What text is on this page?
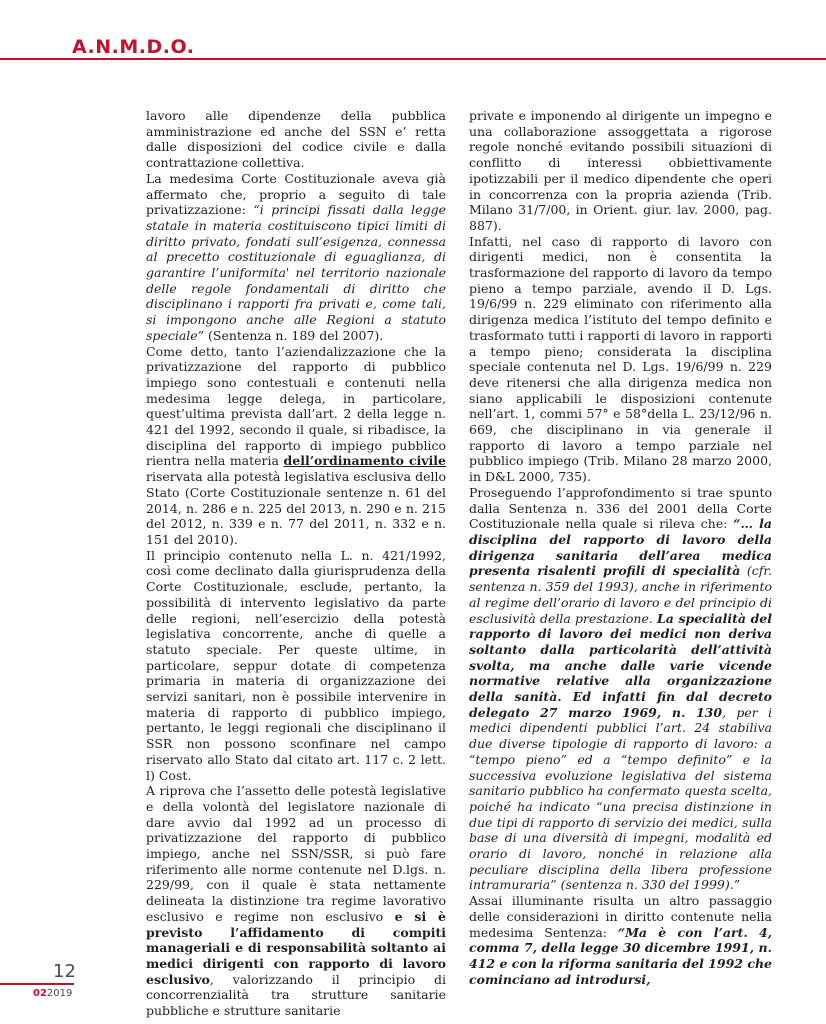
A.N.M.D.O.

lavoro alle dipendenze della pubblica amministrazione ed anche del SSN e’ retta dalle disposizioni del codice civile e dalla contrattazione collettiva.

La medesima Corte Costituzionale aveva già affermato che, proprio a seguito di tale privatizzazione: “i principi fissati dalla legge statale in materia costituiscono tipici limiti di diritto privato, fondati sull’esigenza, connessa al precetto costituzionale di eguaglianza, di garantire l’uniformita' nel territorio nazionale delle regole fondamentali di diritto che disciplinano i rapporti fra privati e, come tali, si impongono anche alle Regioni a statuto speciale” (Sentenza n. 189 del 2007).

Come detto, tanto l’aziendalizzazione che la privatizzazione del rapporto di pubblico impiego sono contestuali e contenuti nella medesima legge delega, in particolare, quest’ultima prevista dall’art. 2 della legge n. 421 del 1992, secondo il quale, si ribadisce, la disciplina del rapporto di impiego pubblico rientra nella materia dell’ordinamento civile riservata alla potestà legislativa esclusiva dello Stato (Corte Costituzionale sentenze n. 61 del 2014, n. 286 e n. 225 del 2013, n. 290 e n. 215 del 2012, n. 339 e n. 77 del 2011, n. 332 e n. 151 del 2010).

Il principio contenuto nella L. n. 421/1992, così come declinato dalla giurisprudenza della Corte Costituzionale, esclude, pertanto, la possibilità di intervento legislativo da parte delle regioni, nell’esercizio della potestà legislativa concorrente, anche di quelle a statuto speciale. Per queste ultime, in particolare, seppur dotate di competenza primaria in materia di organizzazione dei servizi sanitari, non è possibile intervenire in materia di rapporto di pubblico impiego, pertanto, le leggi regionali che disciplinano il SSR non possono sconfinare nel campo riservato allo Stato dal citato art. 117 c. 2 lett. l) Cost.

A riprova che l’assetto delle potestà legislative e della volontà del legislatore nazionale di dare avvio dal 1992 ad un processo di privatizzazione del rapporto di pubblico impiego, anche nel SSN/SSR, si può fare riferimento alle norme contenute nel D.lgs. n. 229/99, con il quale è stata nettamente delineata la distinzione tra regime lavorativo esclusivo e regime non esclusivo e si è previsto l’affidamento di compiti manageriali e di responsabilità soltanto ai medici dirigenti con rapporto di lavoro esclusivo, valorizzando il principio di concorrenzialità tra strutture sanitarie pubbliche e strutture sanitarie

private e imponendo al dirigente un impegno e una collaborazione assoggettata a rigorose regole nonché evitando possibili situazioni di conflitto di interessi obbiettivamente ipotizzabili per il medico dipendente che operi in concorrenza con la propria azienda (Trib. Milano 31/7/00, in Orient. giur. lav. 2000, pag. 887).

Infatti, nel caso di rapporto di lavoro con dirigenti medici, non è consentita la trasformazione del rapporto di lavoro da tempo pieno a tempo parziale, avendo il D. Lgs. 19/6/99 n. 229 eliminato con riferimento alla dirigenza medica l’istituto del tempo definito e trasformato tutti i rapporti di lavoro in rapporti a tempo pieno; considerata la disciplina speciale contenuta nel D. Lgs. 19/6/99 n. 229 deve ritenersi che alla dirigenza medica non siano applicabili le disposizioni contenute nell’art. 1, commi 57° e 58°della L. 23/12/96 n. 669, che disciplinano in via generale il rapporto di lavoro a tempo parziale nel pubblico impiego (Trib. Milano 28 marzo 2000, in D&L 2000, 735).

Proseguendo l’approfondimento si trae spunto dalla Sentenza n. 336 del 2001 della Corte Costituzionale nella quale si rileva che: “… la disciplina del rapporto di lavoro della dirigenza sanitaria dell’area medica presenta risalenti profili di specialità (cfr. sentenza n. 359 del 1993), anche in riferimento al regime dell’orario di lavoro e del principio di esclusività della prestazione. La specialità del rapporto di lavoro dei medici non deriva soltanto dalla particolarità dell’attività svolta, ma anche dalle varie vicende normative relative alla organizzazione della sanità. Ed infatti fin dal decreto delegato 27 marzo 1969, n. 130, per i medici dipendenti pubblici l’art. 24 stabiliva due diverse tipologie di rapporto di lavoro: a “tempo pieno” ed a “tempo definito” e la successiva evoluzione legislativa del sistema sanitario pubblico ha confermato questa scelta, poiché ha indicato “una precisa distinzione in due tipi di rapporto di servizio dei medici, sulla base di una diversità di impegni, modalità ed orario di lavoro, nonché in relazione alla peculiare disciplina della libera professione intramuraria” (sentenza n. 330 del 1999).”

Assai illuminante risulta un altro passaggio delle considerazioni in diritto contenute nella medesima Sentenza: “Ma è con l’art. 4, comma 7, della legge 30 dicembre 1991, n. 412 e con la riforma sanitaria del 1992 che cominciano ad introdursi,

12

022019
